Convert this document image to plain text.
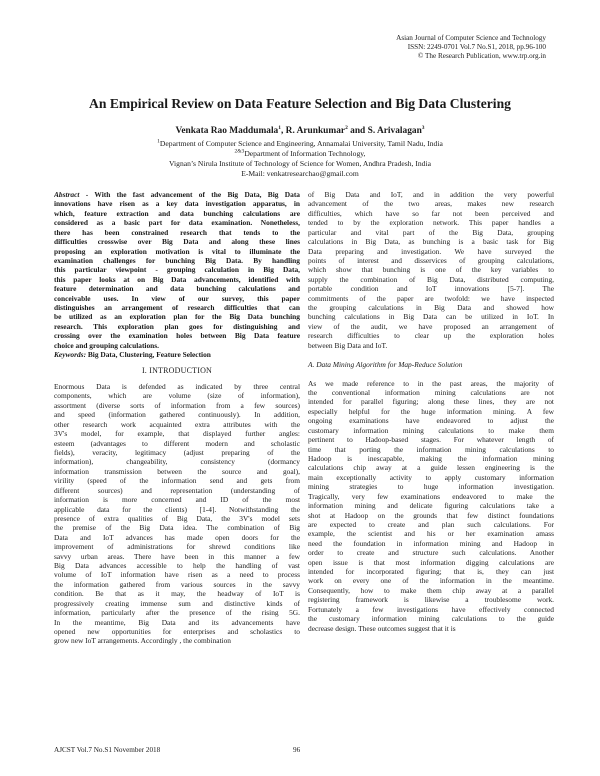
Asian Journal of Computer Science and Technology
ISSN: 2249-0701 Vol.7 No.S1, 2018, pp.96-100
© The Research Publication, www.trp.org.in
An Empirical Review on Data Feature Selection and Big Data Clustering
Venkata Rao Maddumala$^1$, R. Arunkumar$^2$ and S. Arivalagan$^3$
$^1$Department of Computer Science and Engineering, Annamalai University, Tamil Nadu, India
$^{2\&3}$Department of Information Technology,
Vignan’s Nirula Institute of Technology of Science for Women, Andhra Pradesh, India
E-Mail: venkatresearchao@gmail.com

Abstract - With the fast advancement of the Big Data, Big Data
innovations have risen as a key data investigation apparatus, in
which, feature extraction and data bunching calculations are
considered as a basic part for data examination. Nonetheless,
there has been constrained research that tends to the
difficulties crosswise over Big Data and along these lines
proposing an exploration motivation is vital to illuminate the
examination challenges for bunching Big Data. By handling
this particular viewpoint - grouping calculation in Big Data,
this paper looks at on Big Data advancements, identified with
feature determination and data bunching calculations and
conceivable uses. In view of our survey, this paper
distinguishes an arrangement of research difficulties that can
be utilized as an exploration plan for the Big Data bunching
research. This exploration plan goes for distinguishing and
crossing over the examination holes between Big Data feature
choice and grouping calculations.

Keywords: Big Data, Clustering, Feature Selection

I. INTRODUCTION

Enormous Data is defended as indicated by three central
components, which are volume (size of information),
assortment (diverse sorts of information from a few sources)
and speed (information gathered continuously). In addition,
other research work acquainted extra attributes with the
3V's model, for example, that displayed further angles:
esteem (advantages to different modern and scholastic
fields), veracity, legitimacy (adjust preparing of the
information), changeability, consistency (dormancy
information transmission between the source and goal),
virility (speed of the information send and gets from
different sources) and representation (understanding of
information is more concerned and ID of the most
applicable data for the clients) [1-4]. Notwithstanding the
presence of extra qualities of Big Data, the 3V's model sets
the premise of the Big Data idea. The combination of Big
Data and IoT advances has made open doors for the
improvement of administrations for shrewd conditions like
savvy urban areas. There have been in this manner a few
Big Data advances accessible to help the handling of vast
volume of IoT information have risen as a need to process
the information gathered from various sources in the savvy
condition. Be that as it may, the headway of IoT is
progressively creating immense sum and distinctive kinds of
information, particularly after the presence of the rising 5G.
In the meantime, Big Data and its advancements have
opened new opportunities for enterprises and scholastics to
grow new IoT arrangements. Accordingly , the combination

of Big Data and IoT, and in addition the very powerful
advancement of the two areas, makes new research
difficulties, which have so far not been perceived and
tended to by the exploration network. This paper handles a
particular and vital part of the Big Data, grouping
calculations in Big Data, as bunching is a basic task for Big
Data preparing and investigation. We have surveyed the
points of interest and disservices of grouping calculations,
which show that bunching is one of the key variables to
supply the combination of Big Data, distributed computing,
portable condition and IoT innovations [5-7]. The
commitments of the paper are twofold: we have inspected
the grouping calculations in Big Data and showed how
bunching calculations in Big Data can be utilized in IoT. In
view of the audit, we have proposed an arrangement of
research difficulties to clear up the exploration holes
between Big Data and IoT.

A. Data Mining Algorithm for Map-Reduce Solution

As we made reference to in the past areas, the majority of
the conventional information mining calculations are not
intended for parallel figuring; along these lines, they are not
especially helpful for the huge information mining. A few
ongoing examinations have endeavored to adjust the
customary information mining calculations to make them
pertinent to Hadoop-based stages. For whatever length of
time that porting the information mining calculations to
Hadoop is inescapable, making the information mining
calculations chip away at a guide lessen engineering is the
main exceptionally activity to apply customary information
mining strategies to huge information investigation.
Tragically, very few examinations endeavored to make the
information mining and delicate figuring calculations take a
shot at Hadoop on the grounds that few distinct foundations
are expected to create and plan such calculations. For
example, the scientist and his or her examination amass
need the foundation in information mining and Hadoop in
order to create and structure such calculations. Another
open issue is that most information digging calculations are
intended for incorporated figuring; that is, they can just
work on every one of the information in the meantime.
Consequently, how to make them chip away at a parallel
registering framework is likewise a troublesome work.
Fortunately a few investigations have effectively connected
the customary information mining calculations to the guide
decrease design. These outcomes suggest that it is

AJCST Vol.7 No.S1 November 2018	96
